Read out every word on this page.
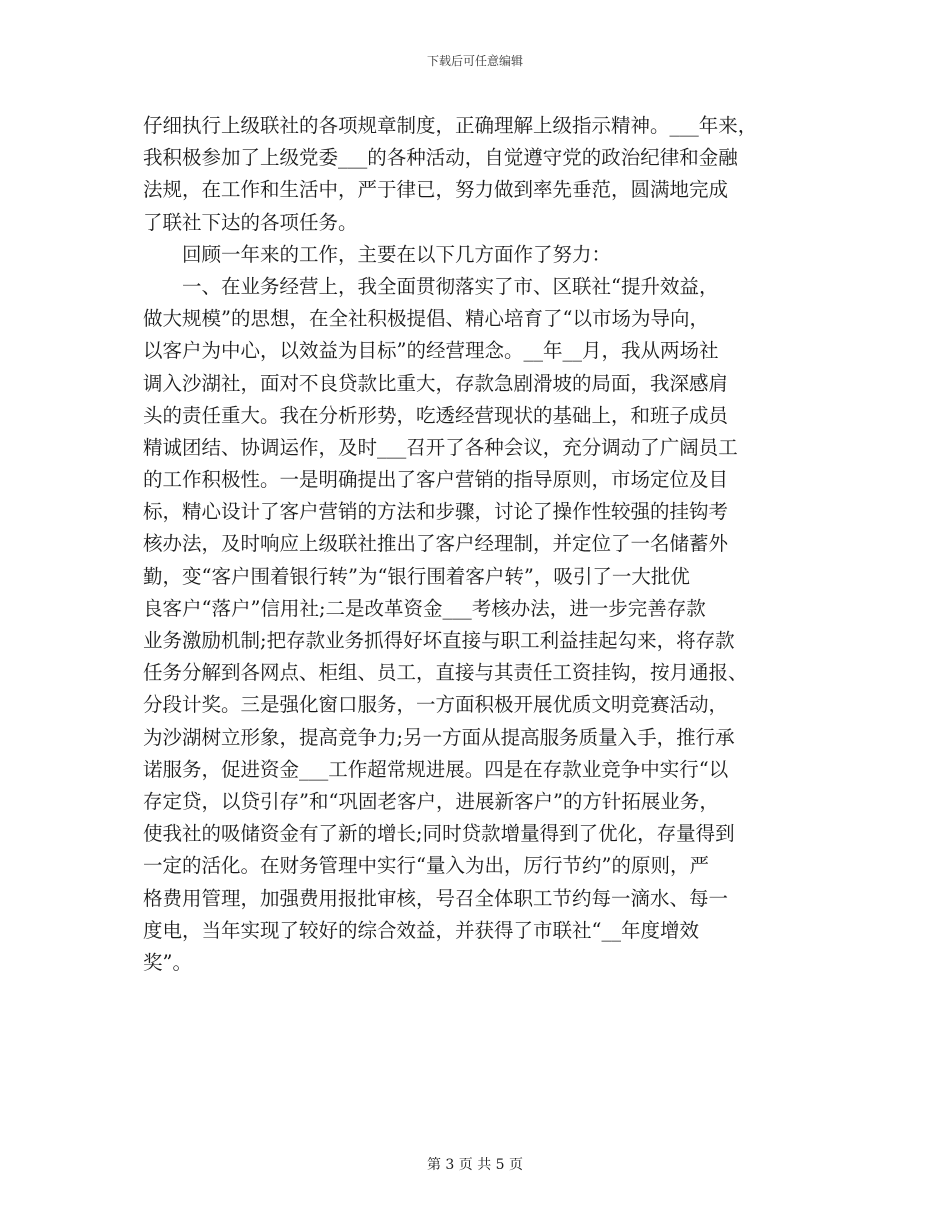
下载后可任意编辑
仔细执行上级联社的各项规章制度，正确理解上级指示精神。___年来，
我积极参加了上级党委___的各种活动，自觉遵守党的政治纪律和金融
法规，在工作和生活中，严于律已，努力做到率先垂范，圆满地完成
了联社下达的各项任务。
回顾一年来的工作，主要在以下几方面作了努力：
一、在业务经营上，我全面贯彻落实了市、区联社“提升效益，
做大规模”的思想，在全社积极提倡、精心培育了“以市场为导向，
以客户为中心，以效益为目标”的经营理念。__年__月，我从两场社
调入沙湖社，面对不良贷款比重大，存款急剧滑坡的局面，我深感肩
头的责任重大。我在分析形势，吃透经营现状的基础上，和班子成员
精诚团结、协调运作，及时___召开了各种会议，充分调动了广阔员工
的工作积极性。一是明确提出了客户营销的指导原则，市场定位及目
标，精心设计了客户营销的方法和步骤，讨论了操作性较强的挂钩考
核办法，及时响应上级联社推出了客户经理制，并定位了一名储蓄外
勤，变“客户围着银行转”为“银行围着客户转”，吸引了一大批优
良客户“落户”信用社;二是改革资金___考核办法，进一步完善存款
业务激励机制;把存款业务抓得好坏直接与职工利益挂起勾来，将存款
任务分解到各网点、柜组、员工，直接与其责任工资挂钩，按月通报、
分段计奖。三是强化窗口服务，一方面积极开展优质文明竞赛活动，
为沙湖树立形象，提高竞争力;另一方面从提高服务质量入手，推行承
诺服务，促进资金___工作超常规进展。四是在存款业竞争中实行“以
存定贷，以贷引存”和“巩固老客户，进展新客户”的方针拓展业务，
使我社的吸储资金有了新的增长;同时贷款增量得到了优化，存量得到
一定的活化。在财务管理中实行“量入为出，厉行节约”的原则，严
格费用管理，加强费用报批审核，号召全体职工节约每一滴水、每一
度电，当年实现了较好的综合效益，并获得了市联社“__年度增效
奖”。
第 3 页 共 5 页
